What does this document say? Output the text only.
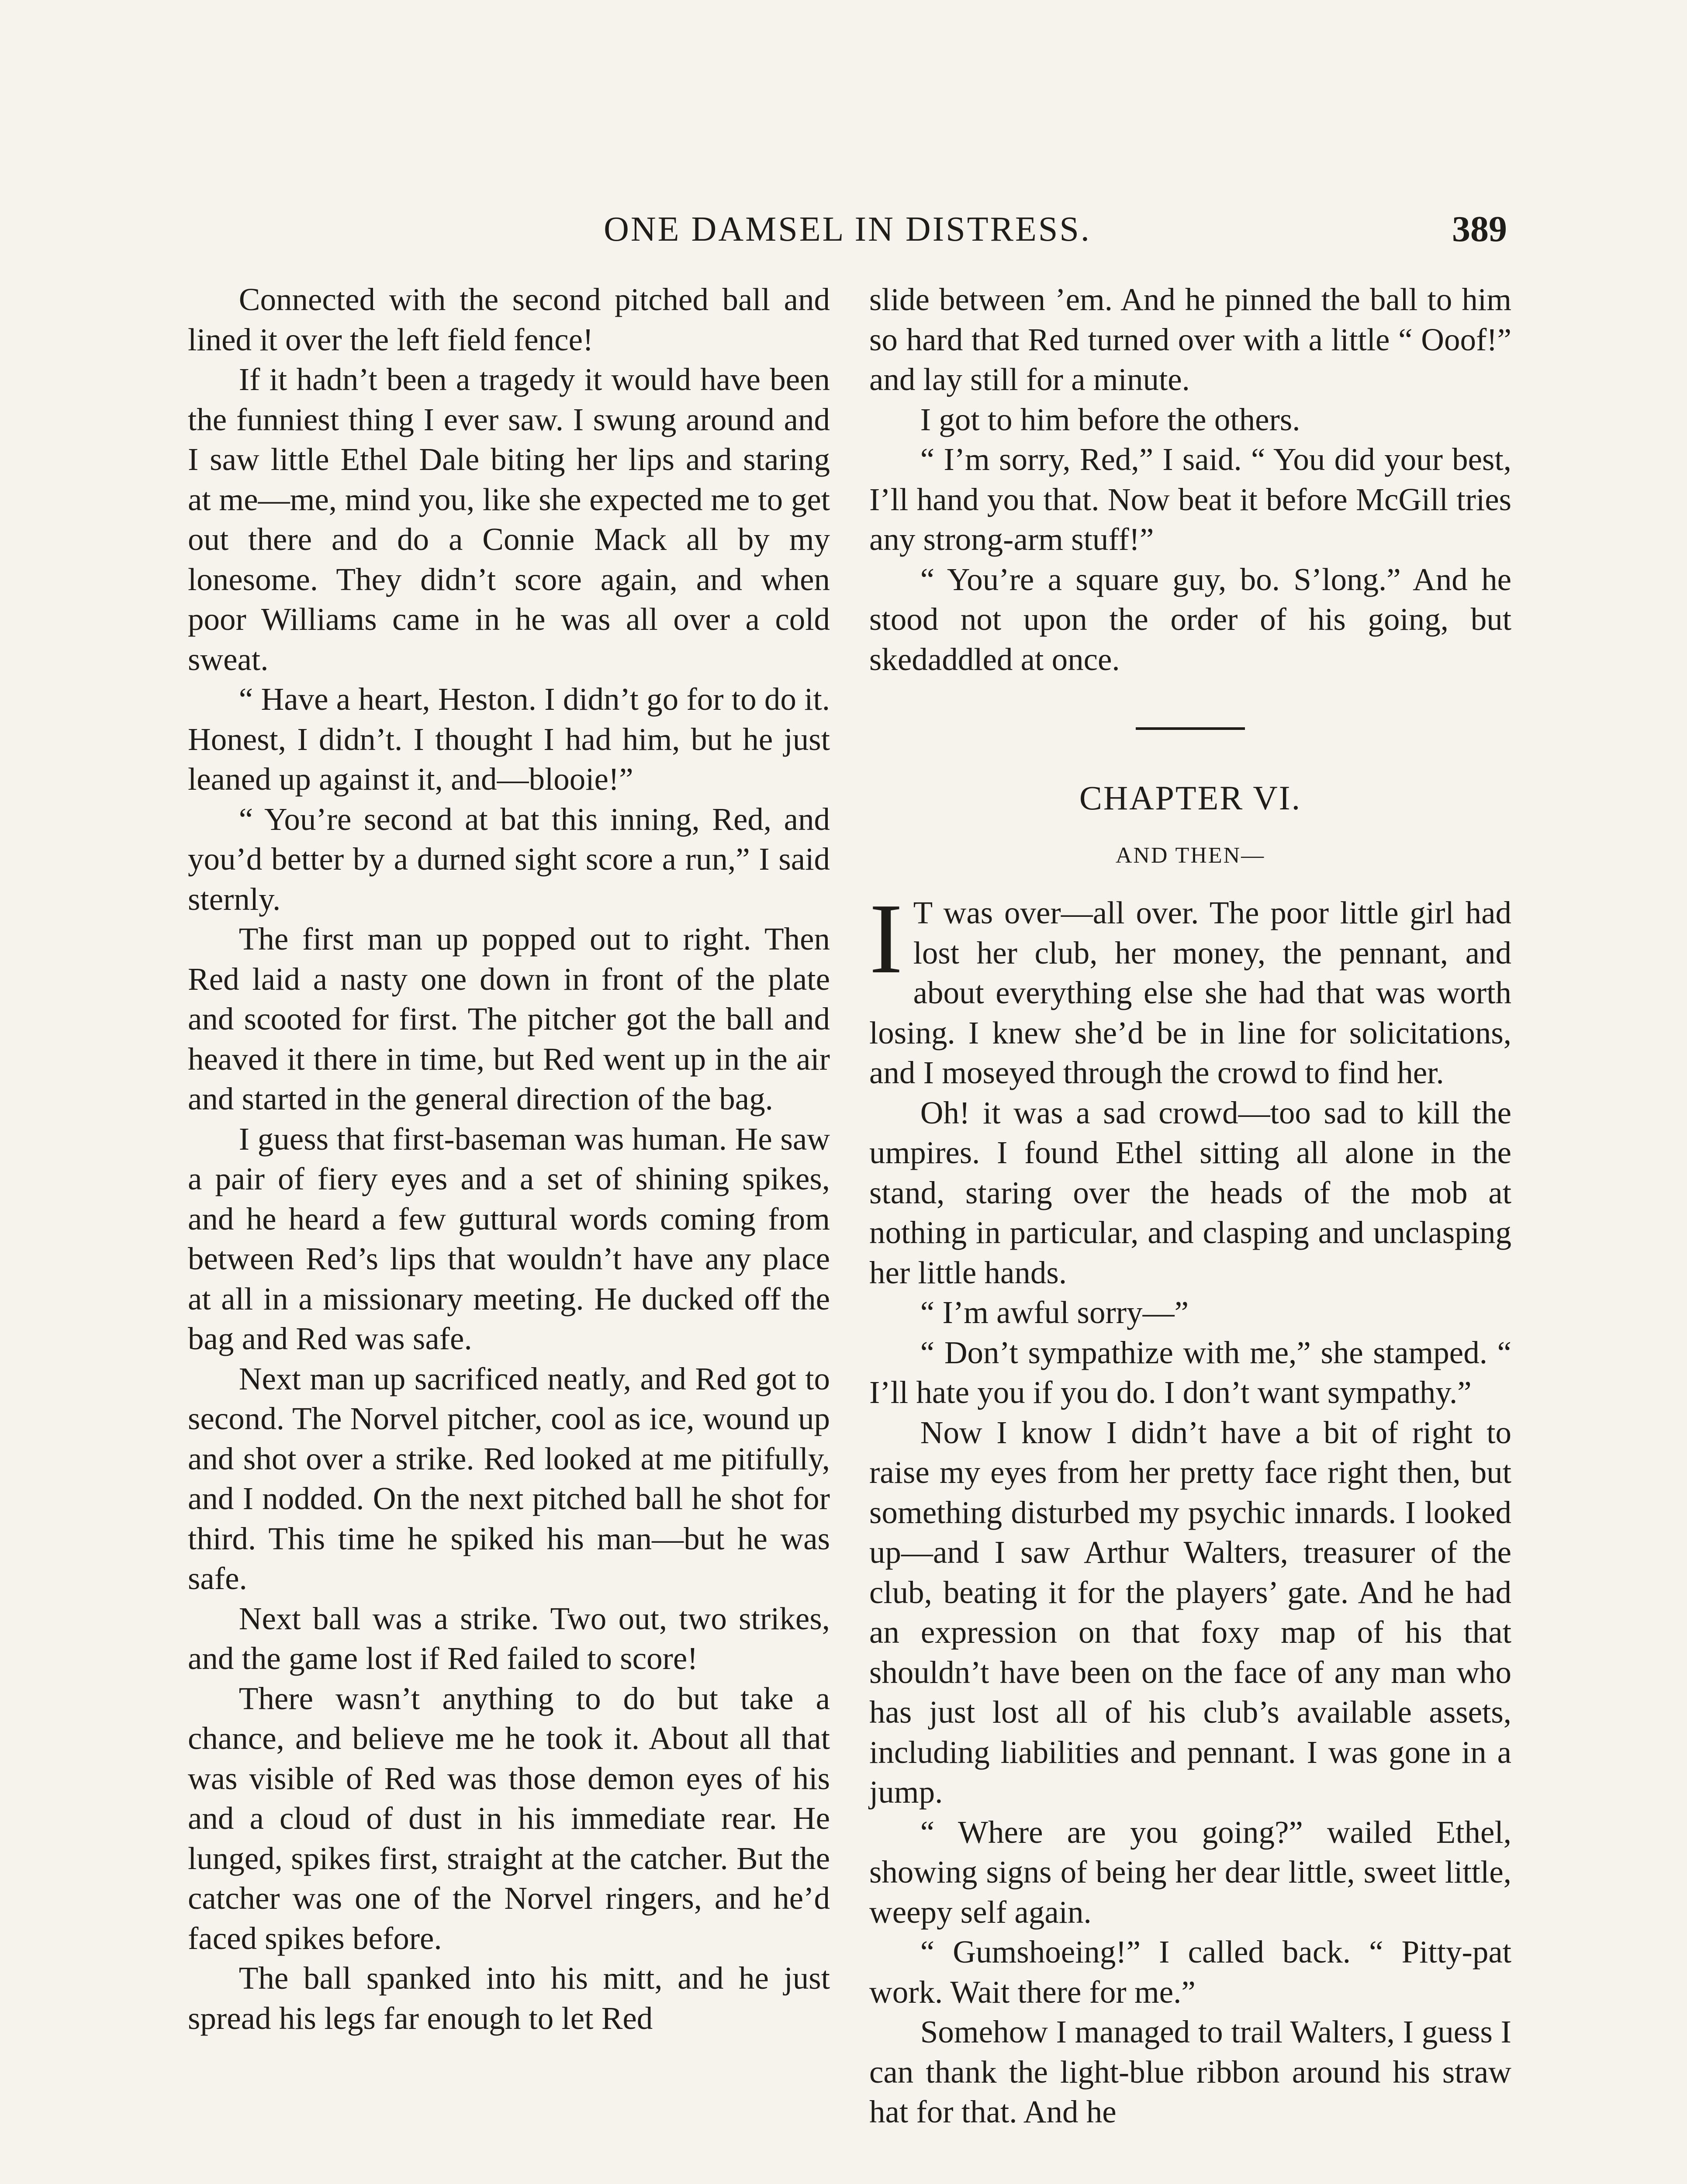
ONE DAMSEL IN DISTRESS.	389

Connected with the second pitched ball and lined it over the left field fence!

If it hadn’t been a tragedy it would have been the funniest thing I ever saw. I swung around and I saw little Ethel Dale biting her lips and staring at me—me, mind you, like she expected me to get out there and do a Connie Mack all by my lonesome. They didn’t score again, and when poor Williams came in he was all over a cold sweat.

“ Have a heart, Heston. I didn’t go for to do it. Honest, I didn’t. I thought I had him, but he just leaned up against it, and—blooie!”

“ You’re second at bat this inning, Red, and you’d better by a durned sight score a run,” I said sternly.

The first man up popped out to right. Then Red laid a nasty one down in front of the plate and scooted for first. The pitcher got the ball and heaved it there in time, but Red went up in the air and started in the general direction of the bag.

I guess that first-baseman was human. He saw a pair of fiery eyes and a set of shining spikes, and he heard a few guttural words coming from between Red’s lips that wouldn’t have any place at all in a missionary meeting. He ducked off the bag and Red was safe.

Next man up sacrificed neatly, and Red got to second. The Norvel pitcher, cool as ice, wound up and shot over a strike. Red looked at me pitifully, and I nodded. On the next pitched ball he shot for third. This time he spiked his man—but he was safe.

Next ball was a strike. Two out, two strikes, and the game lost if Red failed to score!

There wasn’t anything to do but take a chance, and believe me he took it. About all that was visible of Red was those demon eyes of his and a cloud of dust in his immediate rear. He lunged, spikes first, straight at the catcher. But the catcher was one of the Norvel ringers, and he’d faced spikes before.

The ball spanked into his mitt, and he just spread his legs far enough to let Red

slide between ’em. And he pinned the ball to him so hard that Red turned over with a little “ Ooof!” and lay still for a minute.

I got to him before the others.

“ I’m sorry, Red,” I said. “ You did your best, I’ll hand you that. Now beat it before McGill tries any strong-arm stuff!”

“ You’re a square guy, bo. S’long.” And he stood not upon the order of his going, but skedaddled at once.

CHAPTER VI.
AND THEN—

I T was over—all over. The poor little girl had lost her club, her money, the pennant, and about everything else she had that was worth losing. I knew she’d be in line for solicitations, and I moseyed through the crowd to find her.

Oh! it was a sad crowd—too sad to kill the umpires. I found Ethel sitting all alone in the stand, staring over the heads of the mob at nothing in particular, and clasping and unclasping her little hands.

“ I’m awful sorry—”

“ Don’t sympathize with me,” she stamped. “ I’ll hate you if you do. I don’t want sympathy.”

Now I know I didn’t have a bit of right to raise my eyes from her pretty face right then, but something disturbed my psychic innards. I looked up—and I saw Arthur Walters, treasurer of the club, beating it for the players’ gate. And he had an expression on that foxy map of his that shouldn’t have been on the face of any man who has just lost all of his club’s available assets, including liabilities and pennant. I was gone in a jump.

“ Where are you going?” wailed Ethel, showing signs of being her dear little, sweet little, weepy self again.

“ Gumshoeing!” I called back. “ Pitty-pat work. Wait there for me.”

Somehow I managed to trail Walters, I guess I can thank the light-blue ribbon around his straw hat for that. And he
